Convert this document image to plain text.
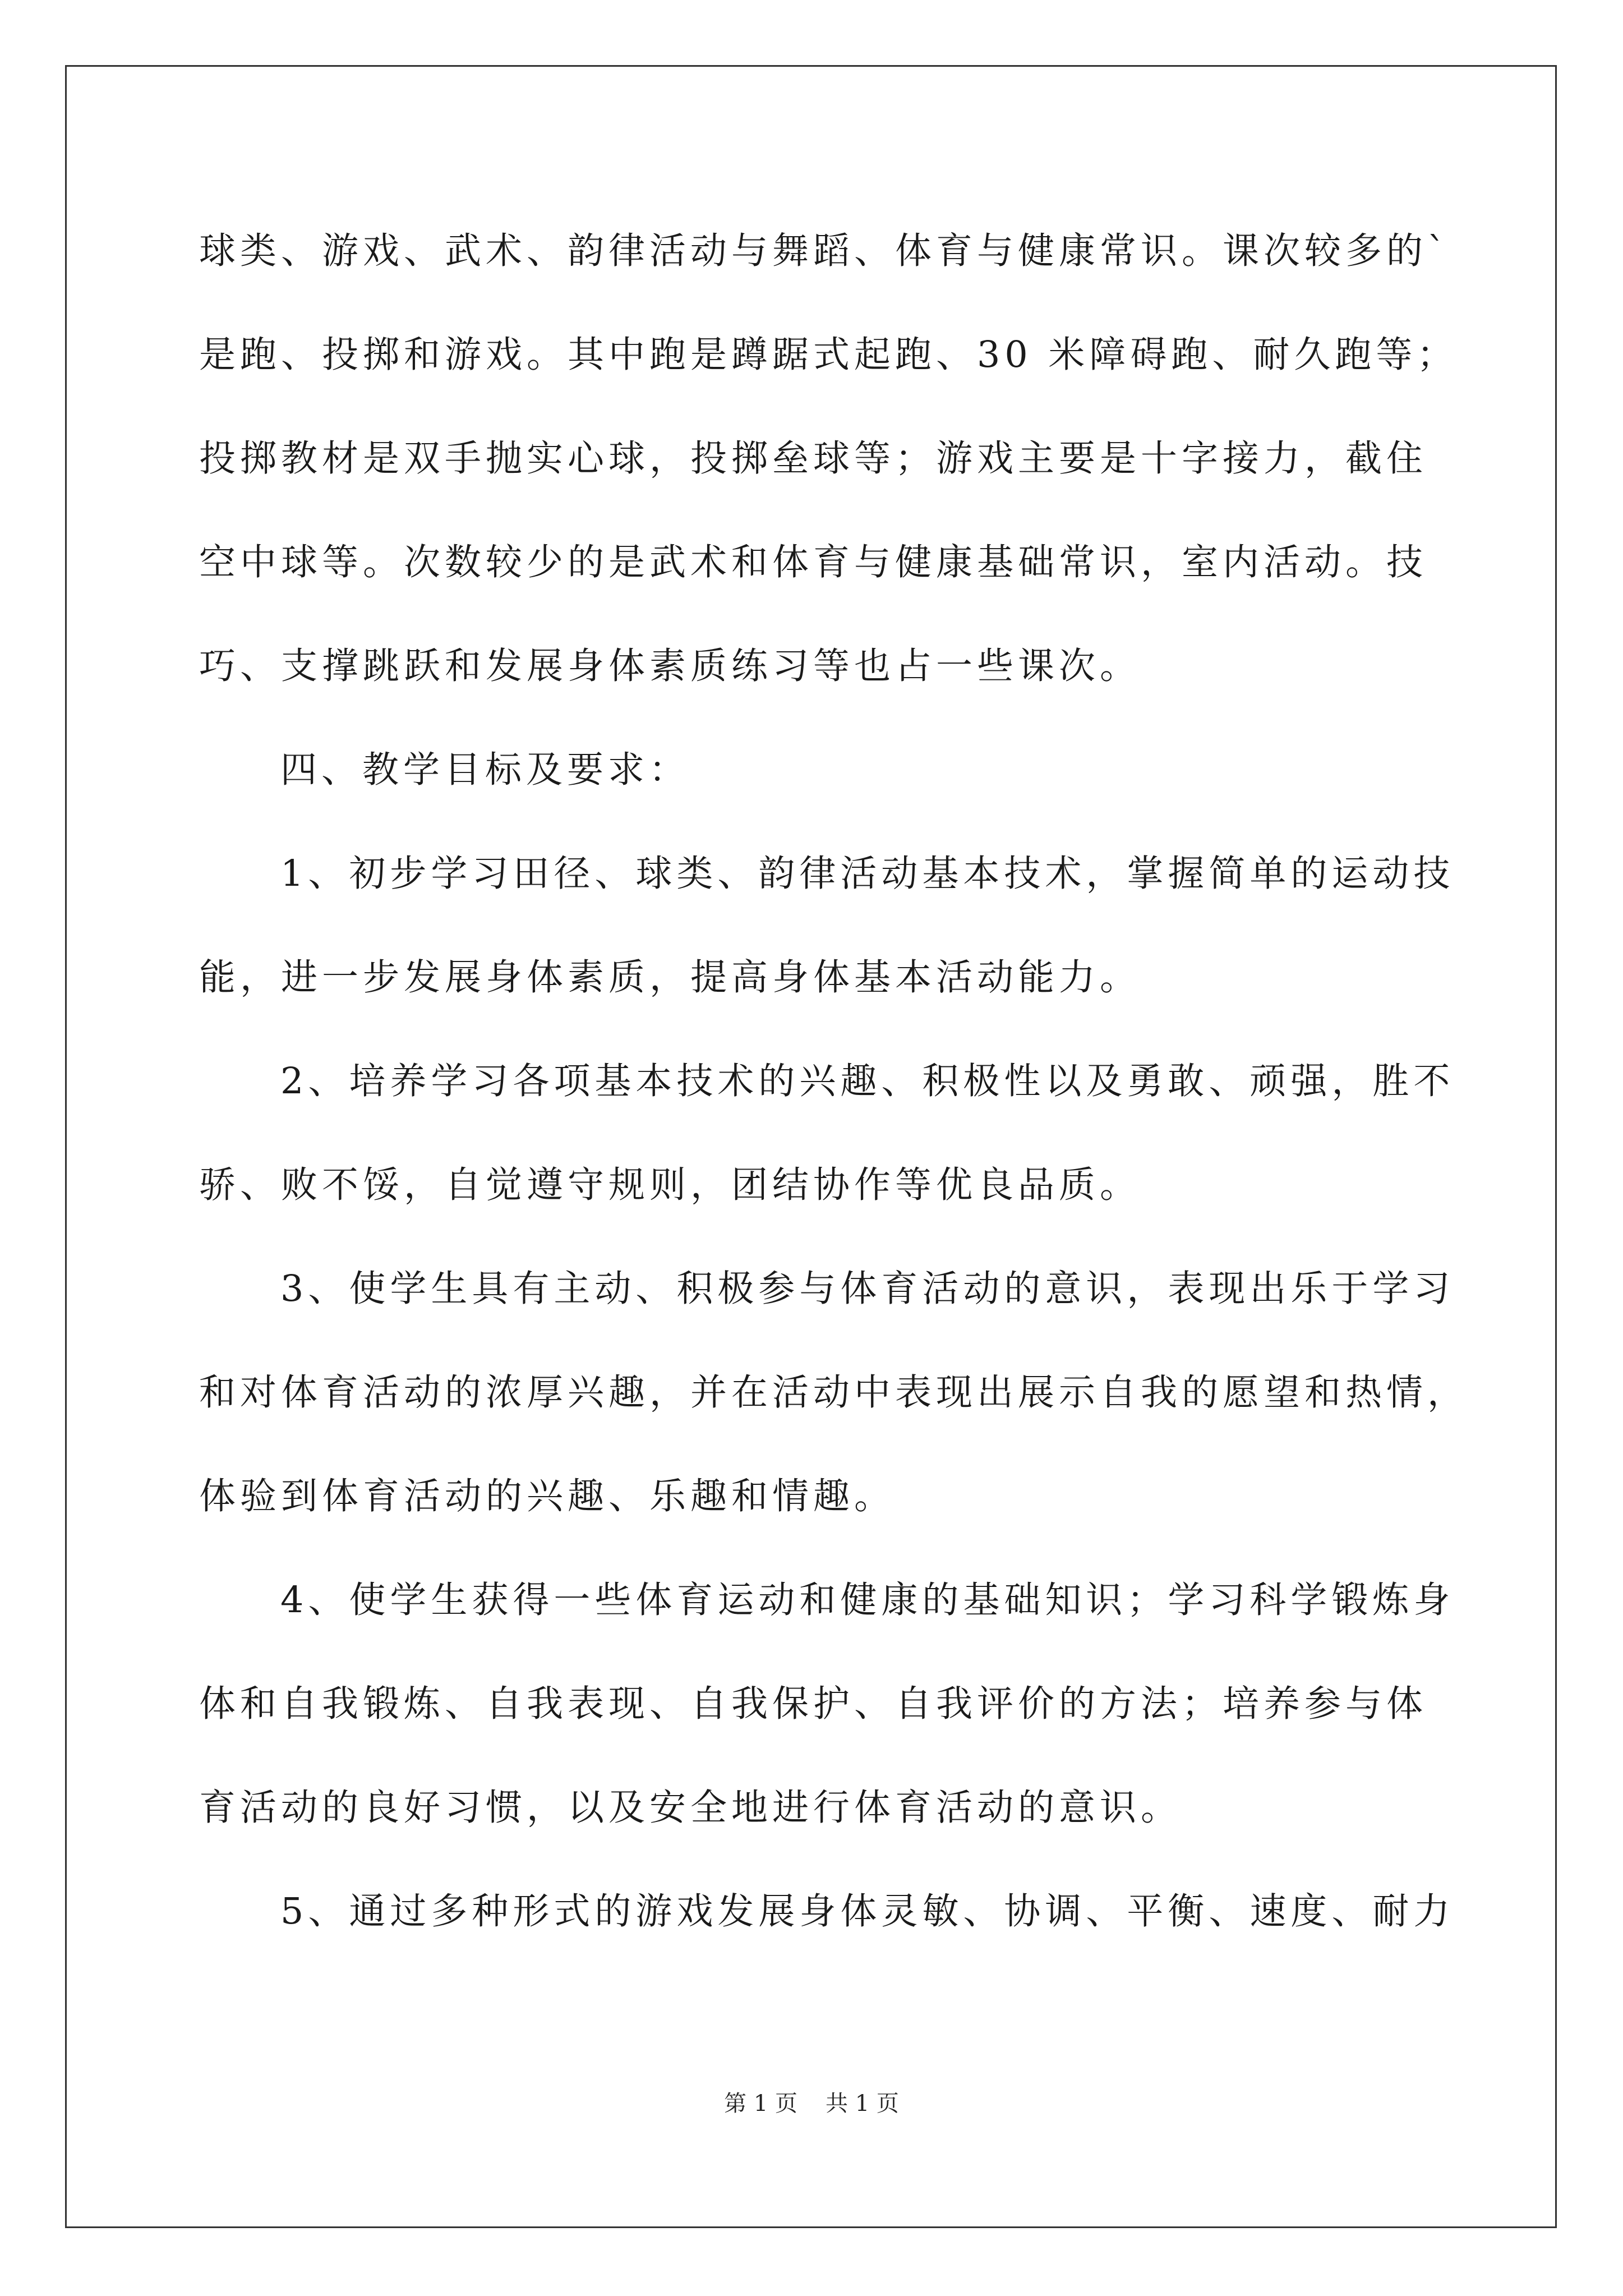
球类、游戏、武术、韵律活动与舞蹈、体育与健康常识。课次较多的`
是跑、投掷和游戏。其中跑是蹲踞式起跑、30 米障碍跑、耐久跑等；
投掷教材是双手抛实心球，投掷垒球等；游戏主要是十字接力，截住
空中球等。次数较少的是武术和体育与健康基础常识，室内活动。技
巧、支撑跳跃和发展身体素质练习等也占一些课次。
四、教学目标及要求：
1、初步学习田径、球类、韵律活动基本技术，掌握简单的运动技
能，进一步发展身体素质，提高身体基本活动能力。
2、培养学习各项基本技术的兴趣、积极性以及勇敢、顽强，胜不
骄、败不馁，自觉遵守规则，团结协作等优良品质。
3、使学生具有主动、积极参与体育活动的意识，表现出乐于学习
和对体育活动的浓厚兴趣，并在活动中表现出展示自我的愿望和热情，
体验到体育活动的兴趣、乐趣和情趣。
4、使学生获得一些体育运动和健康的基础知识；学习科学锻炼身
体和自我锻炼、自我表现、自我保护、自我评价的方法；培养参与体
育活动的良好习惯，以及安全地进行体育活动的意识。
5、通过多种形式的游戏发展身体灵敏、协调、平衡、速度、耐力
第 1 页 共 1 页
